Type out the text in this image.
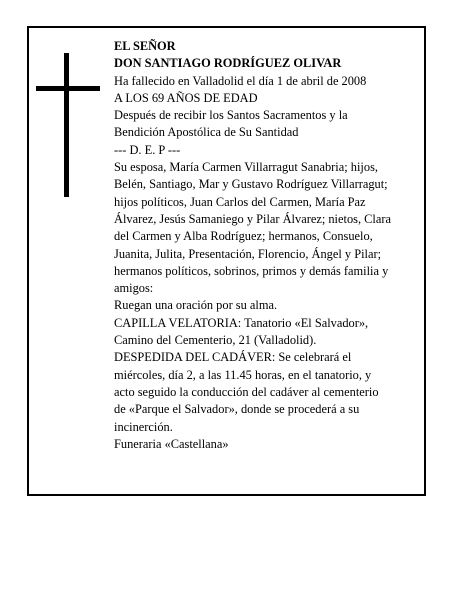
EL SEÑOR
DON SANTIAGO RODRÍGUEZ OLIVAR
Ha fallecido en Valladolid el día 1 de abril de 2008
A LOS 69 AÑOS DE EDAD
Después de recibir los Santos Sacramentos y la
Bendición Apostólica de Su Santidad
--- D. E. P ---
Su esposa, María Carmen Villarragut Sanabria; hijos,
Belén, Santiago, Mar y Gustavo Rodríguez Villarragut;
hijos políticos, Juan Carlos del Carmen, María Paz
Álvarez, Jesús Samaniego y Pilar Álvarez; nietos, Clara
del Carmen y Alba Rodríguez; hermanos, Consuelo,
Juanita, Julita, Presentación, Florencio, Ángel y Pilar;
hermanos políticos, sobrinos, primos y demás familia y
amigos:
Ruegan una oración por su alma.
CAPILLA VELATORIA: Tanatorio «El Salvador»,
Camino del Cementerio, 21 (Valladolid).
DESPEDIDA DEL CADÁVER: Se celebrará el
miércoles, día 2, a las 11.45 horas, en el tanatorio, y
acto seguido la conducción del cadáver al cementerio
de «Parque el Salvador», donde se procederá a su
incinerción.
Funeraria «Castellana»
